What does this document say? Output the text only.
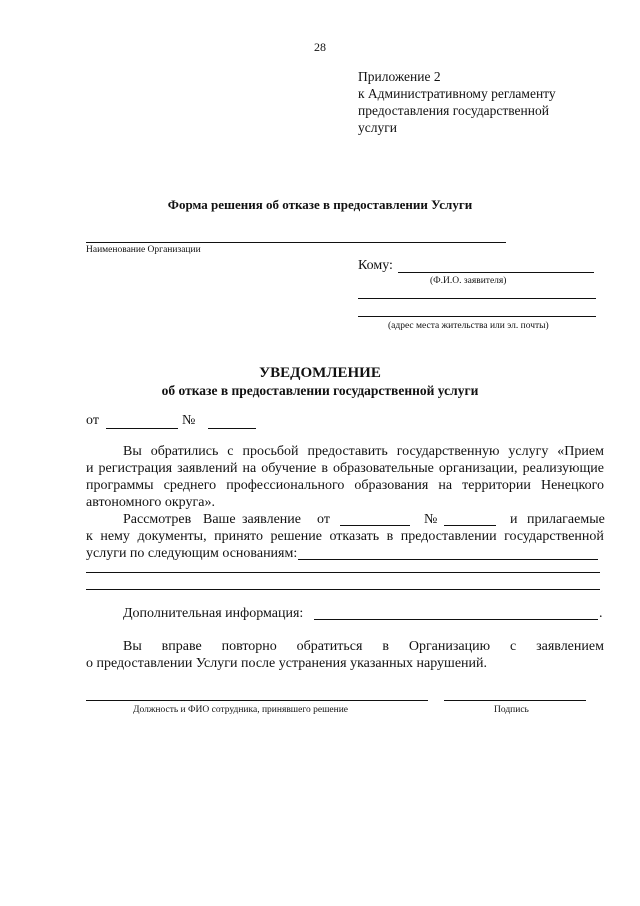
28
Приложение 2
к Административному регламенту
предоставления государственной
услуги
Форма решения об отказе в предоставлении Услуги
Наименование Организации
Кому:
(Ф.И.О. заявителя)
(адрес места жительства или эл. почты)
УВЕДОМЛЕНИЕ
об отказе в предоставлении государственной услуги
от	№
Вы обратились с просьбой предоставить государственную услугу «Прием
и регистрация заявлений на обучение в образовательные организации, реализующие
программы среднего профессионального образования на территории Ненецкого
автономного округа».
Рассмотрев Ваше заявление от	№	и прилагаемые
к нему документы, принято решение отказать в предоставлении государственной
услуги по следующим основаниям:
Дополнительная информация:	.
Вы вправе повторно обратиться в Организацию с заявлением
о предоставлении Услуги после устранения указанных нарушений.
Должность и ФИО сотрудника, принявшего решение	Подпись
